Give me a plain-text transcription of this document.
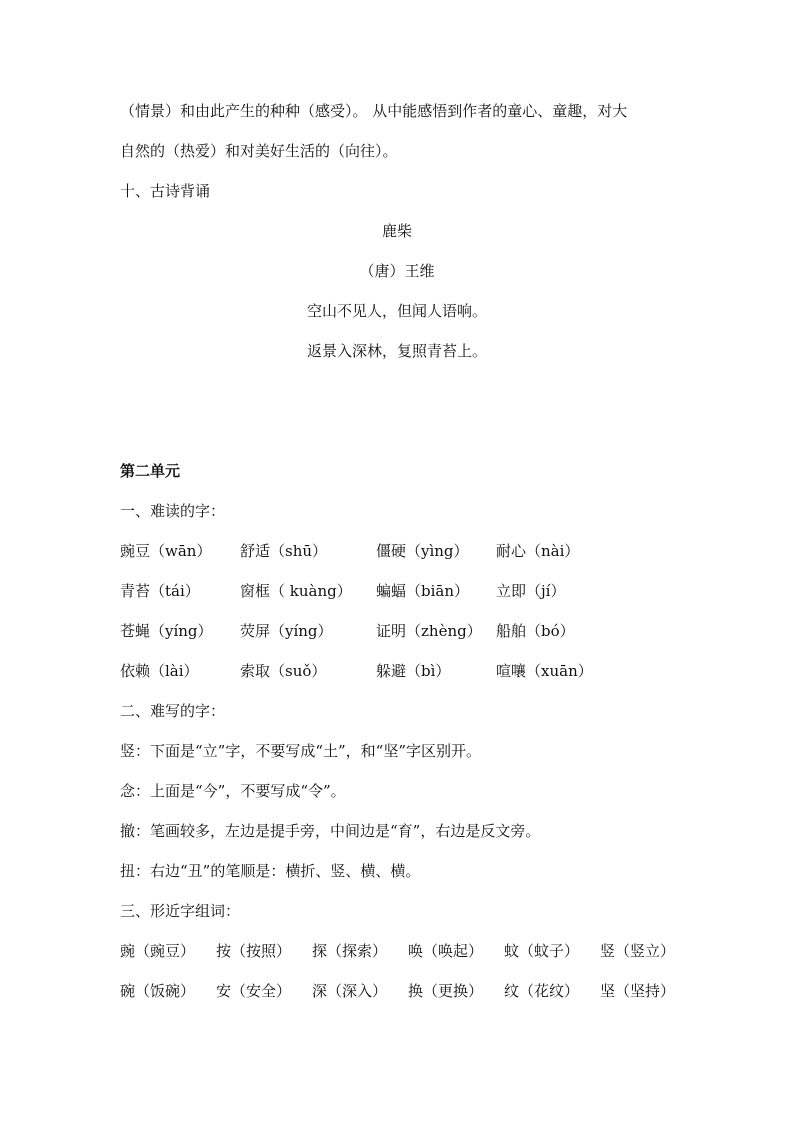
（情景）和由此产生的种种（感受）。 从中能感悟到作者的童心、童趣，对大
自然的（热爱）和对美好生活的（向往）。
十、古诗背诵
鹿柴
（唐）王维
空山不见人，但闻人语响。
返景入深林，复照青苔上。
第二单元
一、难读的字：
豌豆（wān） 舒适（shū）	僵硬（yìng） 耐心（nài）
青苔（tái）	窗框（ kuàng） 蝙蝠（biān） 立即（jí）
苍蝇（yíng） 荧屏（yíng）	证明（zhèng） 船舶（bó）
依赖（lài）	索取（suǒ）	躲避（bì）	喧嚷（xuān）
二、难写的字：
竖：下面是“立”字，不要写成“土”，和“坚”字区别开。
念：上面是“今”，不要写成“令”。
撤：笔画较多，左边是提手旁，中间边是“育”，右边是反文旁。
扭：右边“丑”的笔顺是：横折、竖、横、横。
三、形近字组词：
豌（豌豆） 按（按照） 探（探索） 唤（唤起） 蚊（蚊子） 竖（竖立）
碗（饭碗） 安（安全） 深（深入） 换（更换） 纹（花纹） 坚（坚持）
